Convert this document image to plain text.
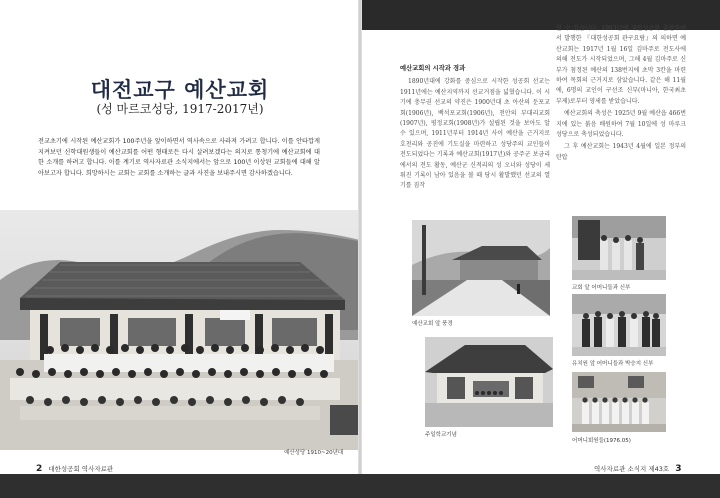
대전교구 예산교회
(성 마르코성당, 1917-2017년)
전교초기에 시작된 예산교회가 100주년을 앞이하면서 역사속으로 사라져 가려고 합니다. 이를 안타깝게 지켜보던 신학대원생들이 예산교회를 어떤 형태로든 다시 살려보겠다는 의지로 통청기에 예산교회에 대한 소개를 하려고 합니다. 이를 계기로 역사자료관 소식지에서는 앞으로 100년 이상된 교회들에 대해 알아보고자 합니다. 희망하시는 교회는 교회를 소개하는 글과 사진을 보내주시면 감사하겠습니다.
예산성당 1910~20년대
2 대한성공회 역사자료관
예산교회의 시작과 경과

1890년대에 강화를 중심으로 시작한 성공회 선교는 1911년에는 예산지역까지 선교거점을 넓혔습니다. 이 시기에 충무권 선교의 약진은 1900년대 초 아산의 둔포교회(1906년), 백석포교회(1906년), 천안의 부대리교회(1907년), 평정교회(1908년)가 설립된 것을 보아도 알 수 있으며, 1911년부터 1914년 사이 예산을 근거지로 호천리와 공진에 기도실을 마련하고 성당주의 교인들이 전도되었다는 기록과 예산교회(1917년)와 공주군 보금리에서의 전도 활동, 예산군 신적리의 성 오너와 성당이 세워진 기록이 남아 있음을 볼 때 당시 활발했던 선교의 열기를 짐작

할 수 있습니다. 1993년에 대한성공회 출판부에서 발행한 『대한성공회 관구요람』의 의하면 예산교회는 1917년 1월 16일 김마주로 전도사에 의해 전도가 시작되었으며, 그해 4월 김마주로 신부가 첨정된 예산의 138번지에 초막 3칸을 마련하여 목회의 근거지로 삼았습니다. 같은 해 11월에, 6명의 교인이 구선조 신부(마니아, 한국최초 부제)로부터 영세를 받았습니다.

예산교회의 축성은 1925년 9월 예산읍 466번지에 있는 붉음 배원하여 7월 10일에 성 마루크 성당으로 축성되었습니다.

그 후 예산교회는 1943년 4월에 일본 정부의 탄압

예산교회 앞 풍경
주일학교기념
교회 앞 어머니들과 신부
유치원 앞 어머니들과 박승지 신부
어머니회원들(1976.05)
역사자료관 소식지 제43호 3
